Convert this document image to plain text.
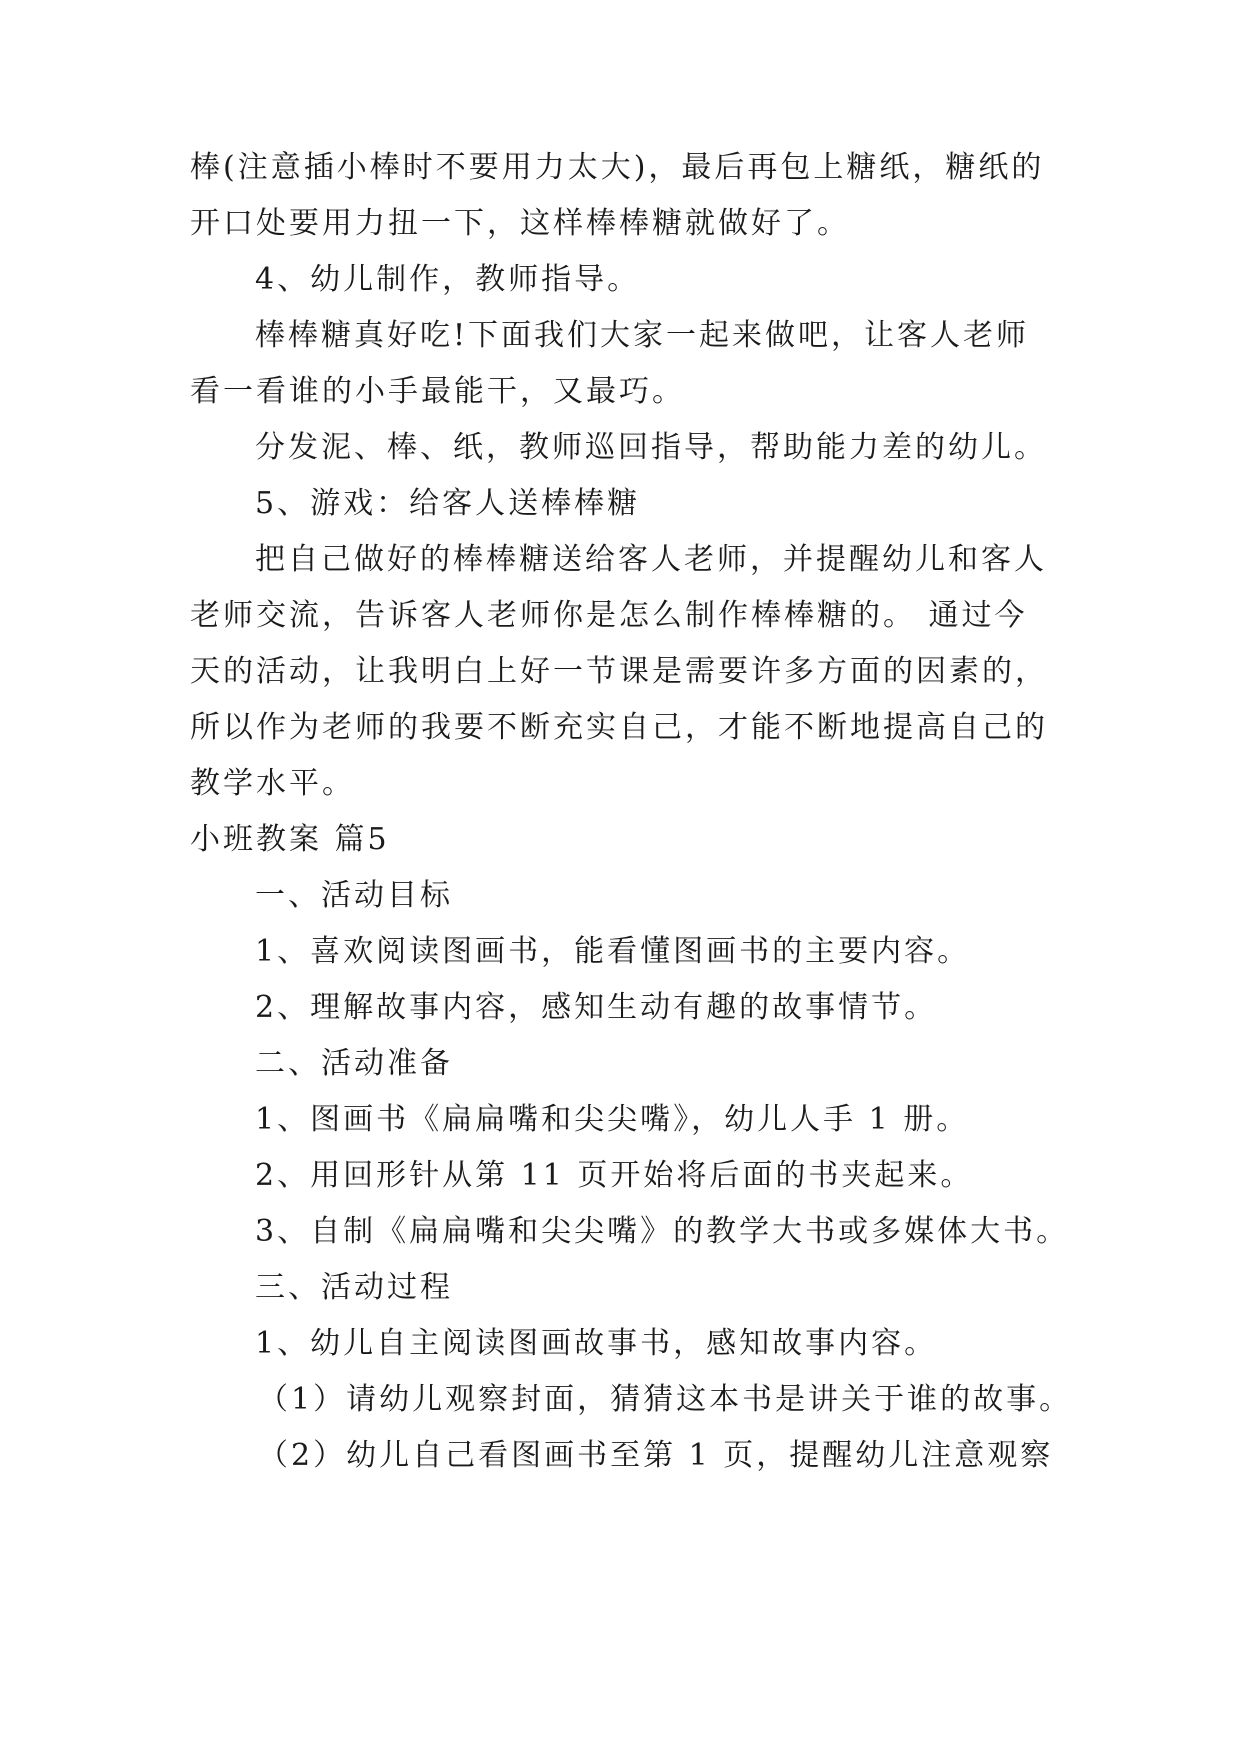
棒(注意插小棒时不要用力太大)，最后再包上糖纸，糖纸的
开口处要用力扭一下，这样棒棒糖就做好了。
4、幼儿制作，教师指导。
棒棒糖真好吃!下面我们大家一起来做吧，让客人老师
看一看谁的小手最能干，又最巧。
分发泥、棒、纸，教师巡回指导，帮助能力差的幼儿。
5、游戏：给客人送棒棒糖
把自己做好的棒棒糖送给客人老师，并提醒幼儿和客人
老师交流，告诉客人老师你是怎么制作棒棒糖的。 通过今
天的活动，让我明白上好一节课是需要许多方面的因素的，
所以作为老师的我要不断充实自己，才能不断地提高自己的
教学水平。
小班教案 篇5
一、活动目标
1、喜欢阅读图画书，能看懂图画书的主要内容。
2、理解故事内容，感知生动有趣的故事情节。
二、活动准备
1、图画书《扁扁嘴和尖尖嘴》，幼儿人手 1 册。
2、用回形针从第 11 页开始将后面的书夹起来。
3、自制《扁扁嘴和尖尖嘴》的教学大书或多媒体大书。
三、活动过程
1、幼儿自主阅读图画故事书，感知故事内容。
（1）请幼儿观察封面，猜猜这本书是讲关于谁的故事。
（2）幼儿自己看图画书至第 1 页，提醒幼儿注意观察
